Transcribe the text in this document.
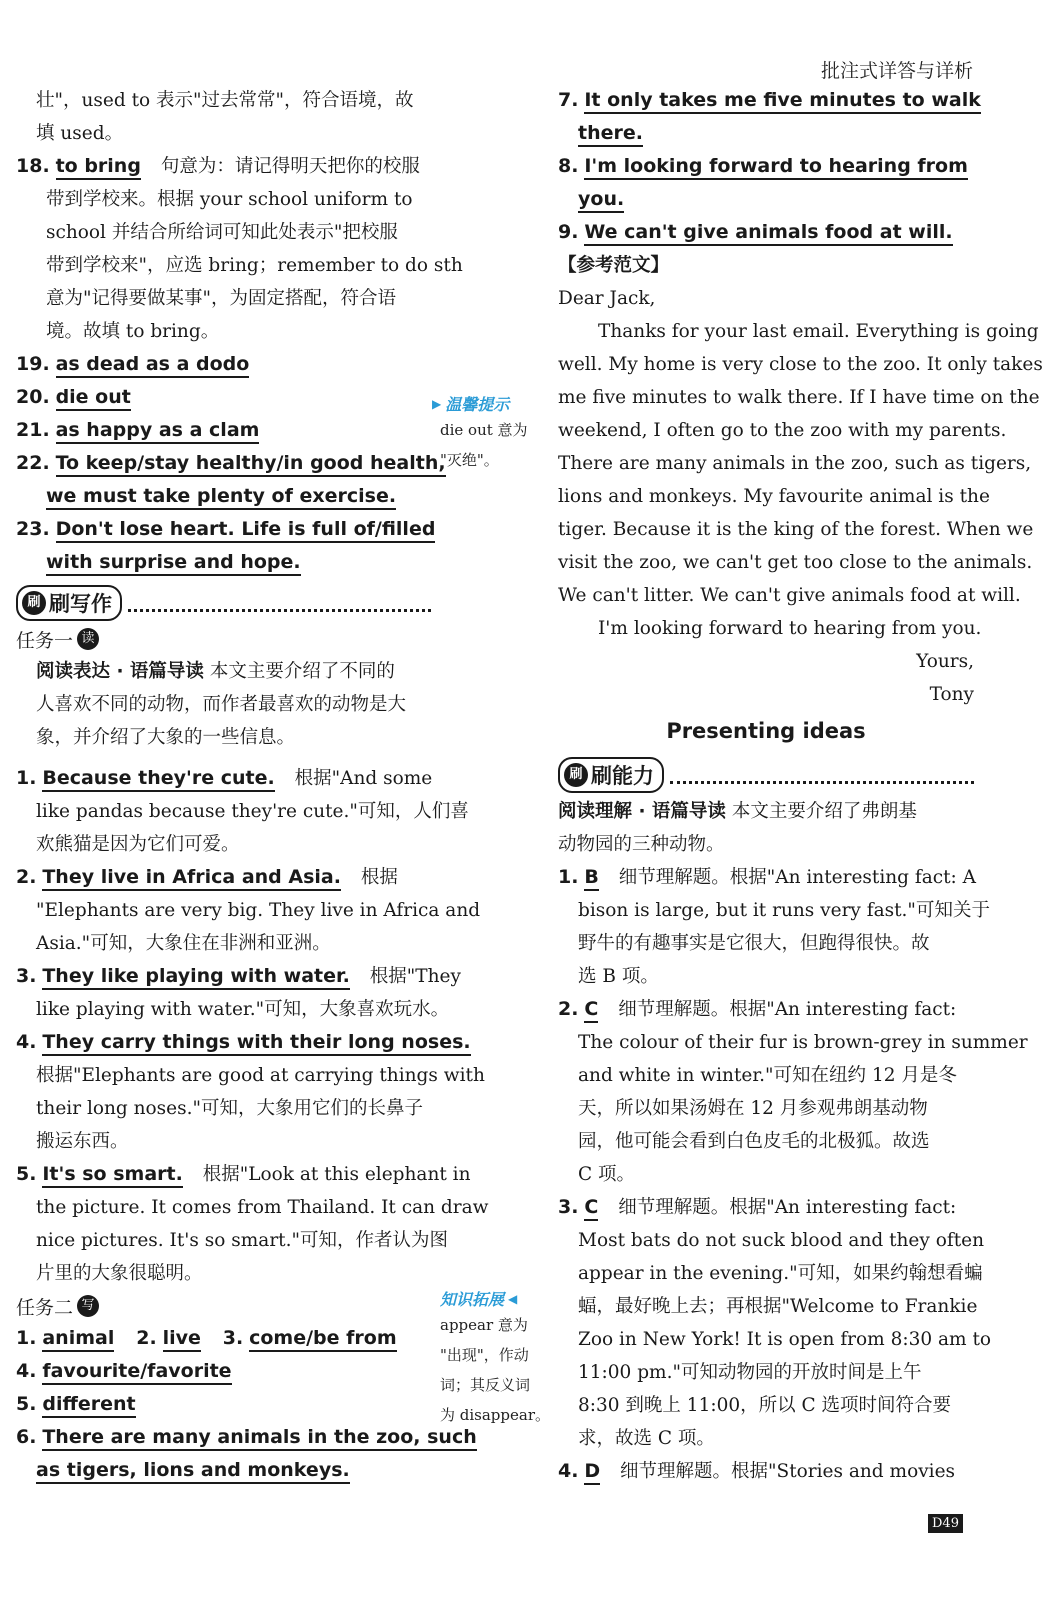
批注式详答与详析
壮"，used to 表示"过去常常"，符合语境，故
填 used。
18. to bring 句意为：请记得明天把你的校服
带到学校来。根据 your school uniform to
school 并结合所给词可知此处表示"把校服
带到学校来"，应选 bring；remember to do sth
意为"记得要做某事"，为固定搭配，符合语
境。故填 to bring。
19. as dead as a dodo
20. die out
21. as happy as a clam
22. To keep/stay healthy/in good health,
we must take plenty of exercise.
23. Don't lose heart. Life is full of/filled
with surprise and hope.
刷 刷写作
任务一 读
阅读表达 · 语篇导读 本文主要介绍了不同的
人喜欢不同的动物，而作者最喜欢的动物是大
象，并介绍了大象的一些信息。
1. Because they're cute. 根据"And some
like pandas because they're cute."可知，人们喜
欢熊猫是因为它们可爱。
2. They live in Africa and Asia. 根据
"Elephants are very big. They live in Africa and
Asia."可知，大象住在非洲和亚洲。
3. They like playing with water. 根据"They
like playing with water."可知，大象喜欢玩水。
4. They carry things with their long noses.
根据"Elephants are good at carrying things with
their long noses."可知，大象用它们的长鼻子
搬运东西。
5. It's so smart. 根据"Look at this elephant in
the picture. It comes from Thailand. It can draw
nice pictures. It's so smart."可知，作者认为图
片里的大象很聪明。
任务二 写
1. animal 2. live 3. come/be from
4. favourite/favorite
5. different
6. There are many animals in the zoo, such
as tigers, lions and monkeys.
▶ 温馨提示
die out 意为
"灭绝"。
知识拓展 ◀
appear 意为
"出现"，作动
词；其反义词
为 disappear。
7. It only takes me five minutes to walk
there.
8. I'm looking forward to hearing from
you.
9. We can't give animals food at will.
【参考范文】
Dear Jack,
Thanks for your last email. Everything is going
well. My home is very close to the zoo. It only takes
me five minutes to walk there. If I have time on the
weekend, I often go to the zoo with my parents.
There are many animals in the zoo, such as tigers,
lions and monkeys. My favourite animal is the
tiger. Because it is the king of the forest. When we
visit the zoo, we can't get too close to the animals.
We can't litter. We can't give animals food at will.
I'm looking forward to hearing from you.
Yours,
Tony
Presenting ideas
刷 刷能力
阅读理解 · 语篇导读 本文主要介绍了弗朗基
动物园的三种动物。
1. B 细节理解题。根据"An interesting fact: A
bison is large, but it runs very fast."可知关于
野牛的有趣事实是它很大，但跑得很快。故
选 B 项。
2. C 细节理解题。根据"An interesting fact:
The colour of their fur is brown-grey in summer
and white in winter."可知在纽约 12 月是冬
天，所以如果汤姆在 12 月参观弗朗基动物
园，他可能会看到白色皮毛的北极狐。故选
C 项。
3. C 细节理解题。根据"An interesting fact:
Most bats do not suck blood and they often
appear in the evening."可知，如果约翰想看蝙
蝠，最好晚上去；再根据"Welcome to Frankie
Zoo in New York! It is open from 8:30 am to
11:00 pm."可知动物园的开放时间是上午
8:30 到晚上 11:00，所以 C 选项时间符合要
求，故选 C 项。
4. D 细节理解题。根据"Stories and movies
D49
